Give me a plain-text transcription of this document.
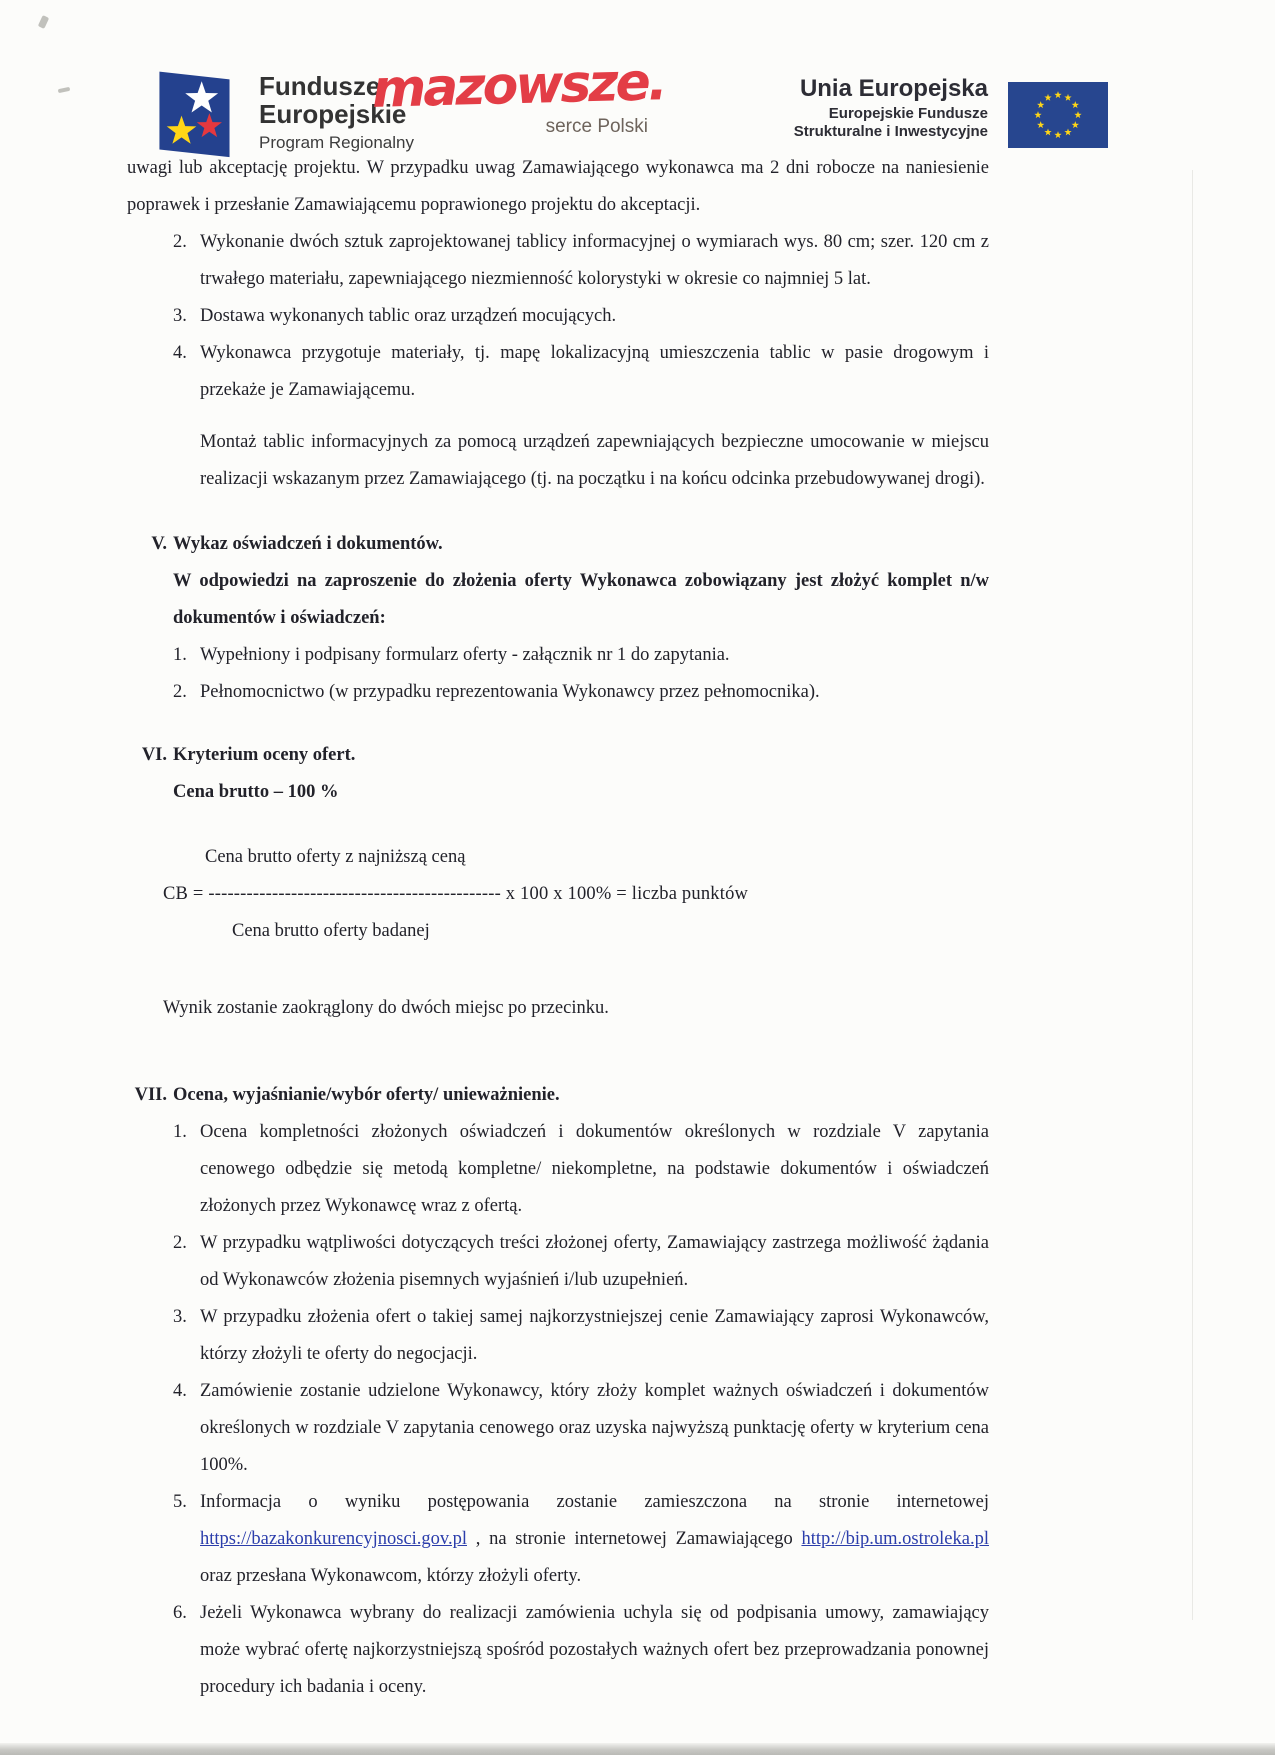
Fundusze
Europejskie
Program Regionalny
mazowsze.
serce Polski
Unia Europejska
Europejskie Fundusze
Strukturalne i Inwestycyjne

uwagi lub akceptację projektu. W przypadku uwag Zamawiającego wykonawca ma 2 dni robocze na naniesienie poprawek i przesłanie Zamawiającemu poprawionego projektu do akceptacji.

2. Wykonanie dwóch sztuk zaprojektowanej tablicy informacyjnej o wymiarach wys. 80 cm; szer. 120 cm z trwałego materiału, zapewniającego niezmienność kolorystyki w okresie co najmniej 5 lat.
3. Dostawa wykonanych tablic oraz urządzeń mocujących.
4. Wykonawca przygotuje materiały, tj. mapę lokalizacyjną umieszczenia tablic w pasie drogowym i przekaże je Zamawiającemu.

Montaż tablic informacyjnych za pomocą urządzeń zapewniających bezpieczne umocowanie w miejscu realizacji wskazanym przez Zamawiającego (tj. na początku i na końcu odcinka przebudowywanej drogi).

V. Wykaz oświadczeń i dokumentów.
W odpowiedzi na zaproszenie do złożenia oferty Wykonawca zobowiązany jest złożyć komplet n/w dokumentów i oświadczeń:
1. Wypełniony i podpisany formularz oferty - załącznik nr 1 do zapytania.
2. Pełnomocnictwo (w przypadku reprezentowania Wykonawcy przez pełnomocnika).
VI. Kryterium oceny ofert.
Cena brutto – 100 %
Cena brutto oferty z najniższą ceną
CB = ---------------------------------------------- x 100 x 100% = liczba punktów
Cena brutto oferty badanej
Wynik zostanie zaokrąglony do dwóch miejsc po przecinku.
VII. Ocena, wyjaśnianie/wybór oferty/ unieważnienie.
1. Ocena kompletności złożonych oświadczeń i dokumentów określonych w rozdziale V zapytania cenowego odbędzie się metodą kompletne/ niekompletne, na podstawie dokumentów i oświadczeń złożonych przez Wykonawcę wraz z ofertą.
2. W przypadku wątpliwości dotyczących treści złożonej oferty, Zamawiający zastrzega możliwość żądania od Wykonawców złożenia pisemnych wyjaśnień i/lub uzupełnień.
3. W przypadku złożenia ofert o takiej samej najkorzystniejszej cenie Zamawiający zaprosi Wykonawców, którzy złożyli te oferty do negocjacji.
4. Zamówienie zostanie udzielone Wykonawcy, który złoży komplet ważnych oświadczeń i dokumentów określonych w rozdziale V zapytania cenowego oraz uzyska najwyższą punktację oferty w kryterium cena 100%.
5. Informacja o wyniku postępowania zostanie zamieszczona na stronie internetowej https://bazakonkurencyjnosci.gov.pl , na stronie internetowej Zamawiającego http://bip.um.ostroleka.pl oraz przesłana Wykonawcom, którzy złożyli oferty.
6. Jeżeli Wykonawca wybrany do realizacji zamówienia uchyla się od podpisania umowy, zamawiający może wybrać ofertę najkorzystniejszą spośród pozostałych ważnych ofert bez przeprowadzania ponownej procedury ich badania i oceny.
